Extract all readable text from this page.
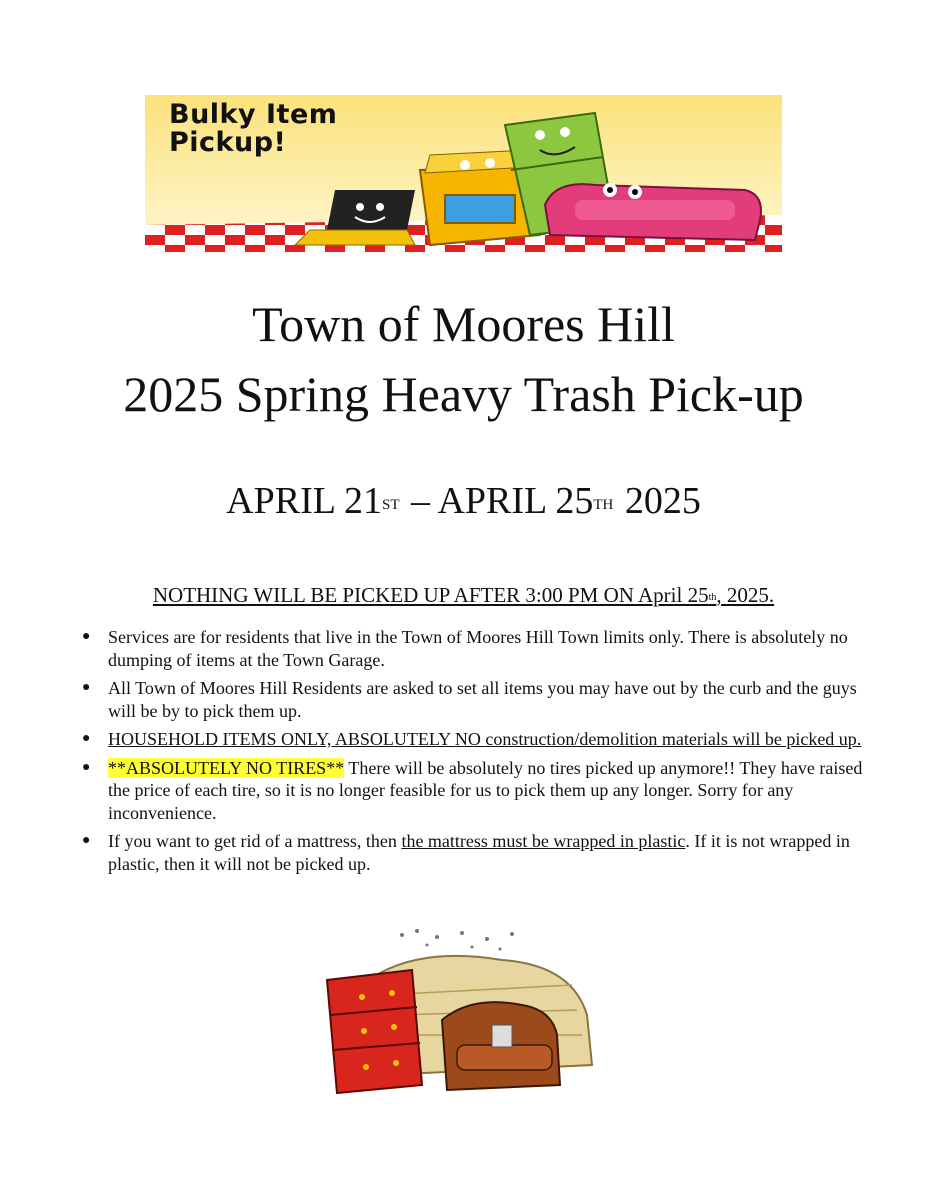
Bulky Item
Pickup!
Town of Moores Hill
2025 Spring Heavy Trash Pick-up
APRIL 21ST – APRIL 25TH 2025
NOTHING WILL BE PICKED UP AFTER 3:00 PM ON April 25th, 2025.
● Services are for residents that live in the Town of Moores Hill Town limits only. There is absolutely no dumping of items at the Town Garage.
● All Town of Moores Hill Residents are asked to set all items you may have out by the curb and the guys will be by to pick them up.
● HOUSEHOLD ITEMS ONLY, ABSOLUTELY NO construction/demolition materials will be picked up.
● **ABSOLUTELY NO TIRES** There will be absolutely no tires picked up anymore!! They have raised the price of each tire, so it is no longer feasible for us to pick them up any longer. Sorry for any inconvenience.
● If you want to get rid of a mattress, then the mattress must be wrapped in plastic. If it is not wrapped in plastic, then it will not be picked up.
